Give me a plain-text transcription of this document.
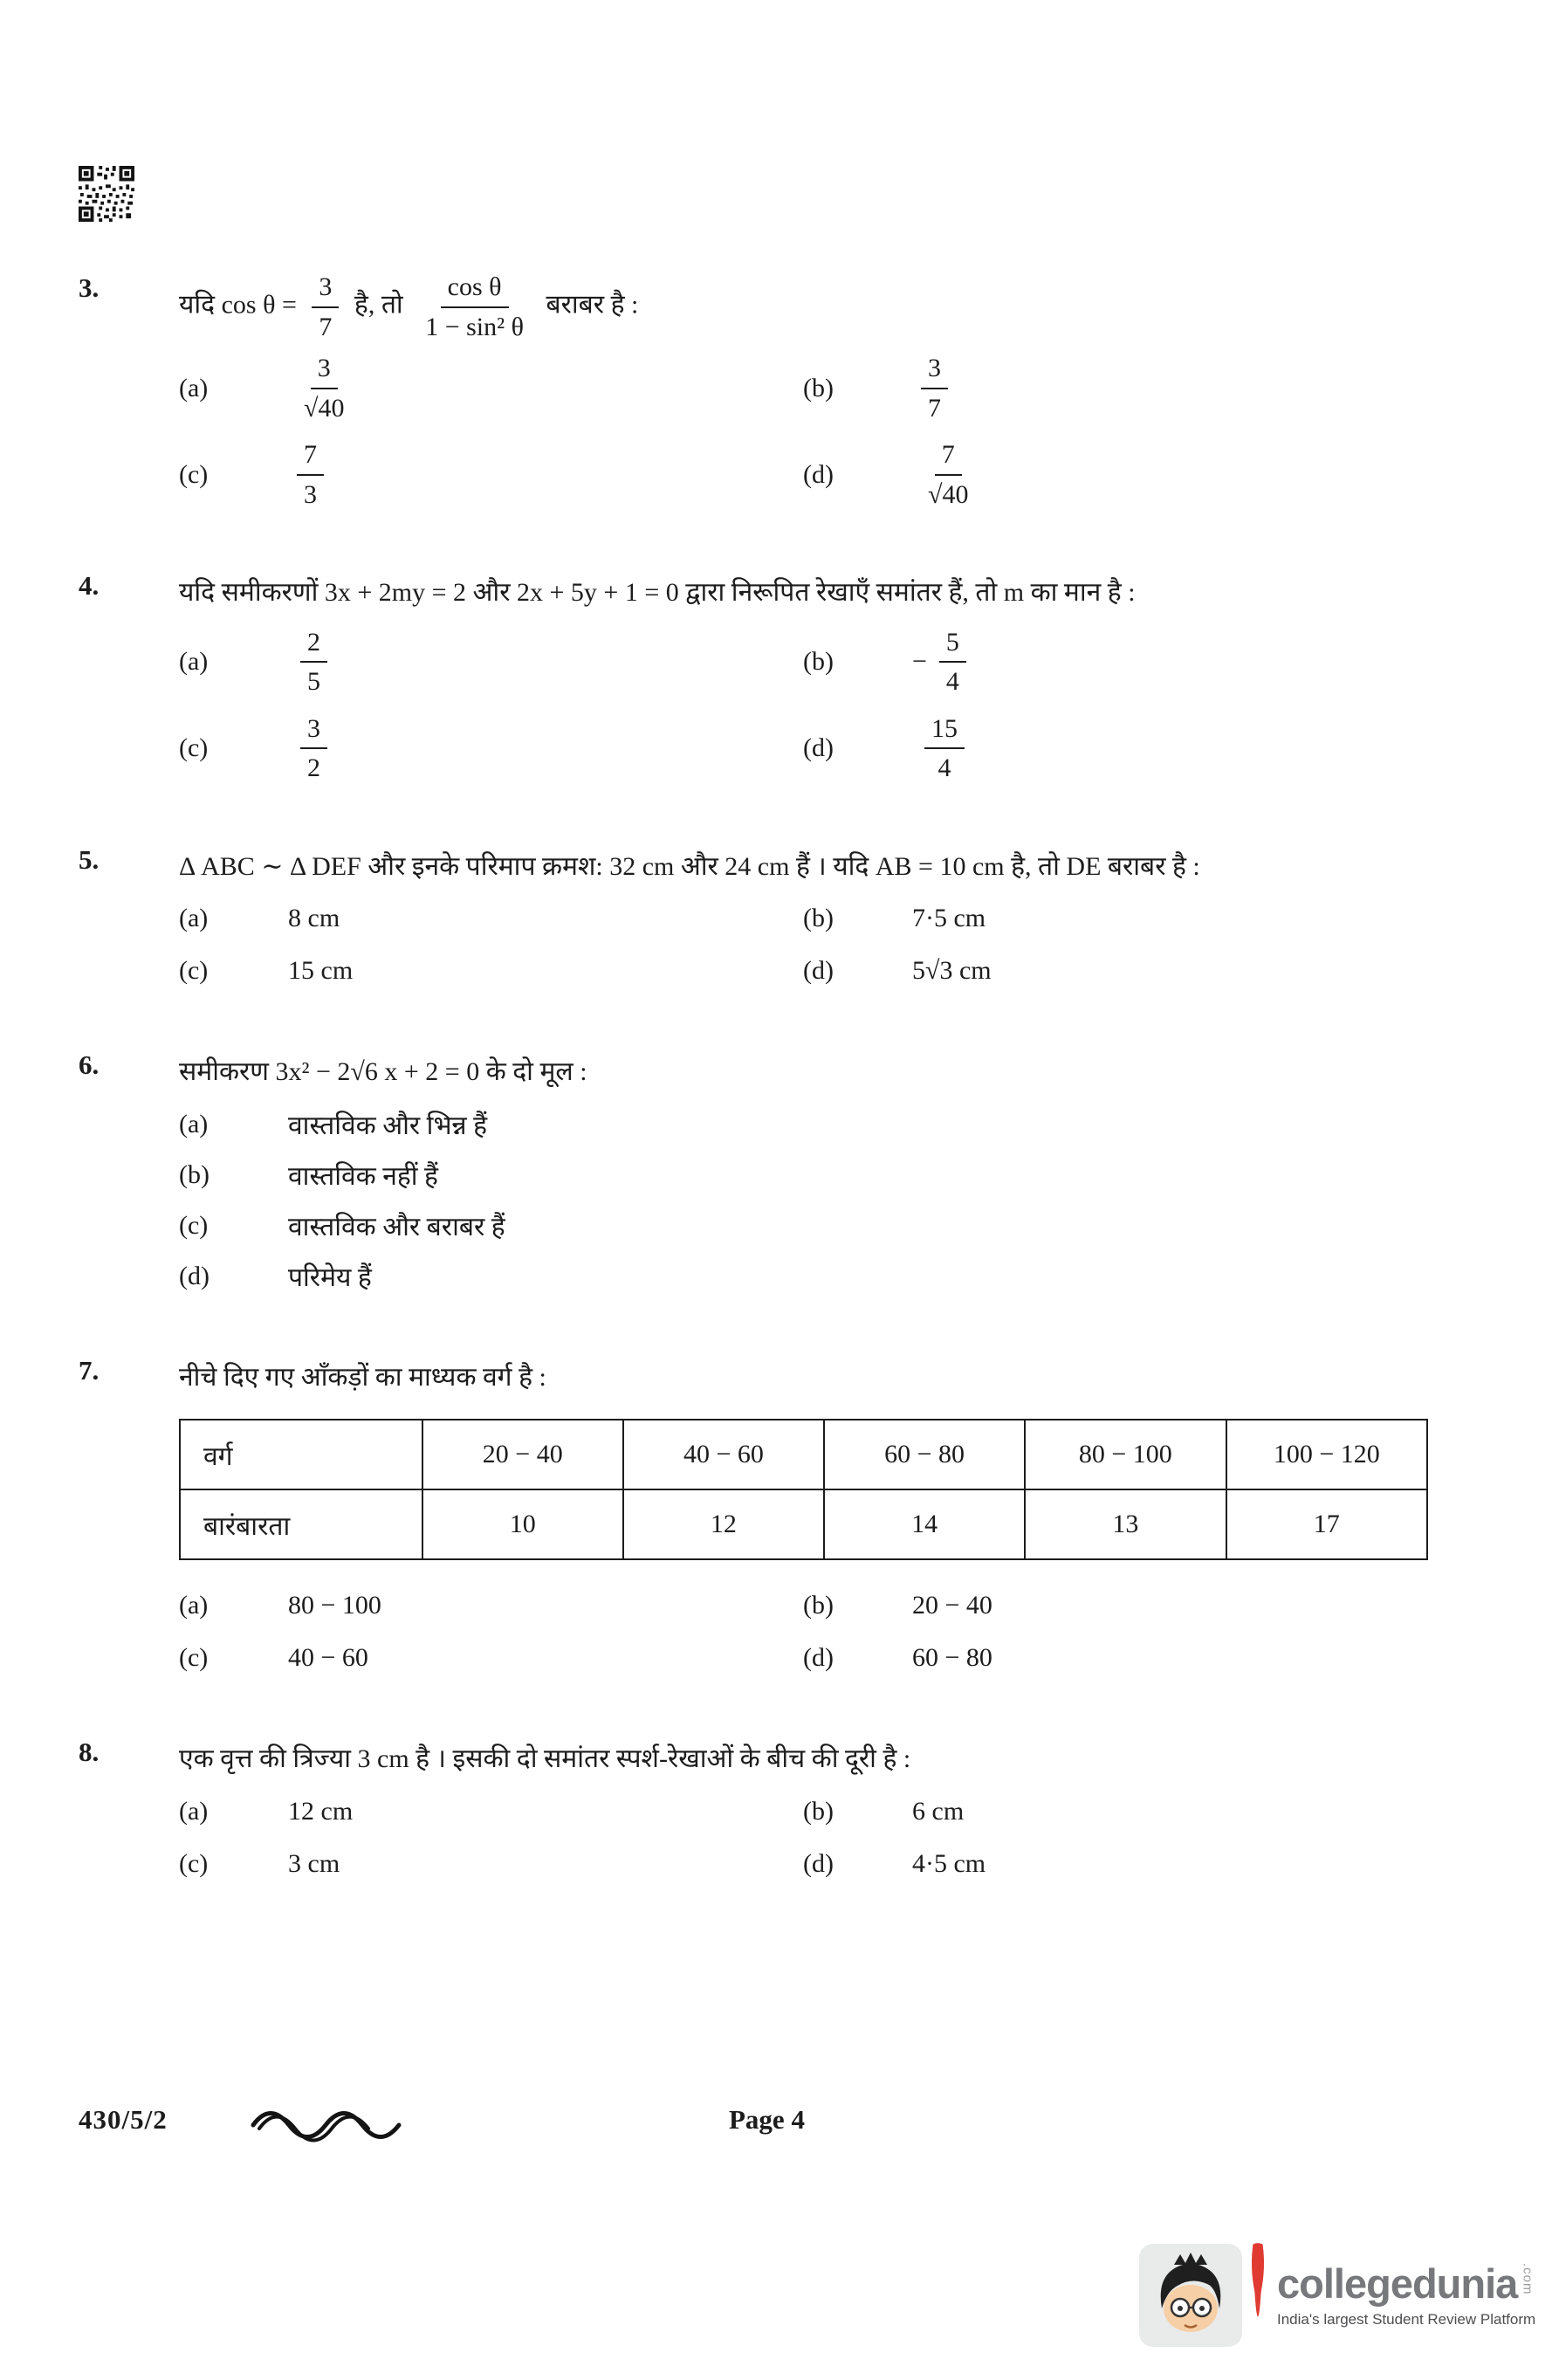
3.
यदि $\cos \theta = \frac{3}{7}$ है, तो $\frac{\text{cos θ}}{\text{1 − sin² θ}}$ बराबर है :
(a)	$\frac{3}{√40}$	(b)	$\frac{3}{7}$
(c)	$\frac{7}{3}$	(d)	$\frac{7}{√40}$
4.	यदि समीकरणों 3x + 2my = 2 और 2x + 5y + 1 = 0 द्वारा निरूपित रेखाएँ समांतर हैं, तो m का मान है :
(a)	$\frac{2}{5}$	(b)	− $\frac{5}{4}$
(c)	$\frac{3}{2}$	(d)	$\frac{15}{4}$
5.	Δ ABC ∼ Δ DEF और इनके परिमाप क्रमश: 32 cm और 24 cm हैं । यदि AB = 10 cm है, तो DE बराबर है :
(a)	8 cm	(b)	7·5 cm
(c)	15 cm	(d)	5√3 cm
6.	समीकरण 3x² − 2√6 x + 2 = 0 के दो मूल :
(a)	वास्तविक और भिन्न हैं
(b)	वास्तविक नहीं हैं
(c)	वास्तविक और बराबर हैं
(d)	परिमेय हैं
7.	नीचे दिए गए आँकड़ों का माध्यक वर्ग है :
वर्ग	20 − 40	40 − 60	60 − 80	80 − 100	100 − 120
बारंबारता	10	12	14	13	17
(a)	80 − 100	(b)	20 − 40
(c)	40 − 60	(d)	60 − 80
8.	एक वृत्त की त्रिज्या 3 cm है । इसकी दो समांतर स्पर्श-रेखाओं के बीच की दूरी है :
(a)	12 cm	(b)	6 cm
(c)	3 cm	(d)	4·5 cm
430/5/2	Page 4
collegedunia .com
India's largest Student Review Platform
